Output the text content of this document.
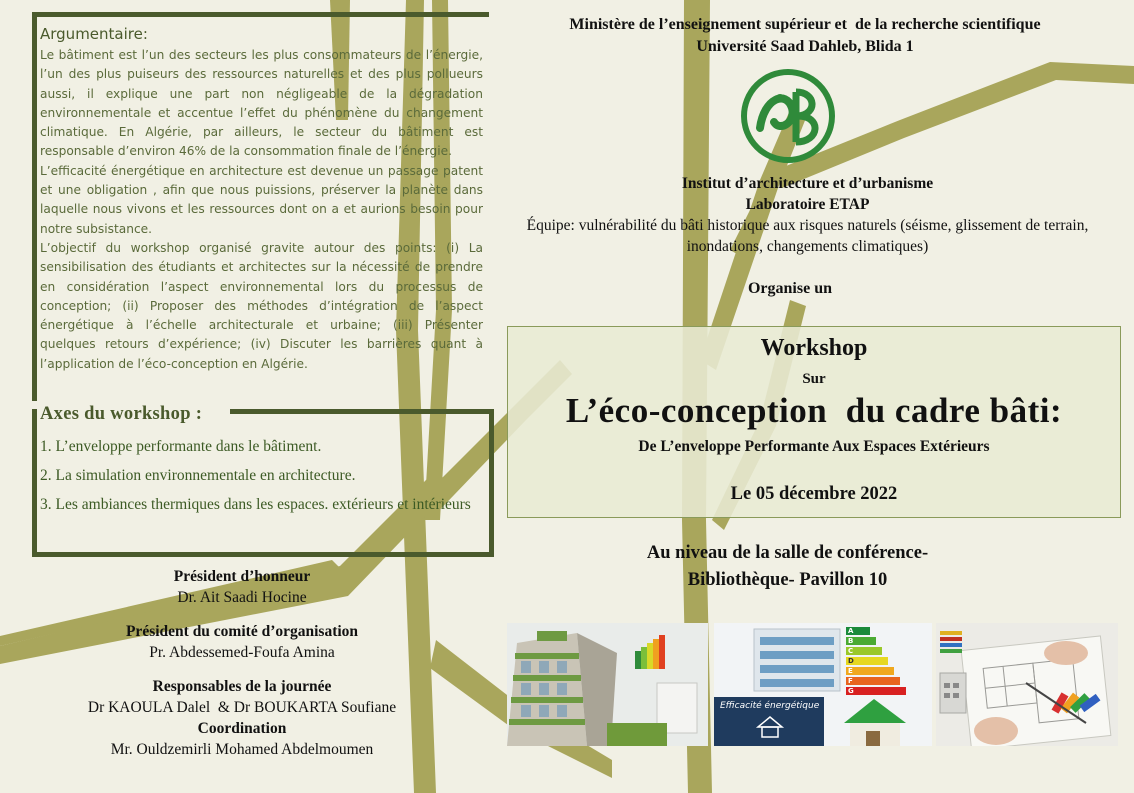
Argumentaire:

Le bâtiment est l’un des secteurs les plus consommateurs de l’énergie, l’un des plus puiseurs des ressources naturelles et des plus pollueurs aussi, il explique une part non négligeable de la dégradation environnementale et accentue l’effet du phénomène du changement climatique. En Algérie, par ailleurs, le secteur du bâtiment est responsable d’environ 46% de la consommation finale de l’énergie.

L’efficacité énergétique en architecture est devenue un passage patent et une obligation , afin que nous puissions, préserver la planète dans laquelle nous vivons et les ressources dont on a et aurions besoin pour notre subsistance.

L’objectif du workshop organisé gravite autour des points: (i) La sensibilisation des étudiants et architectes sur la nécessité de prendre en considération l’aspect environnemental lors du processus de conception; (ii) Proposer des méthodes d’intégration de l’aspect énergétique à l’échelle architecturale et urbaine; (iii) Présenter quelques retours d’expérience; (iv) Discuter les barrières quant à l’application de l’éco-conception en Algérie.

Axes du workshop :
1. L’enveloppe performante dans le bâtiment.
2. La simulation environnementale en architecture.
3. Les ambiances thermiques dans les espaces. extérieurs et intérieurs
Président d’honneur
Dr. Ait Saadi Hocine
Président du comité d’organisation
Pr. Abdessemed-Foufa Amina
Responsables de la journée
Dr KAOULA Dalel  & Dr BOUKARTA Soufiane
Coordination
Mr. Ouldzemirli Mohamed Abdelmoumen
Ministère de l’enseignement supérieur et  de la recherche scientifique
Université Saad Dahleb, Blida 1
Institut d’architecture et d’urbanisme
Laboratoire ETAP
Équipe: vulnérabilité du bâti historique aux risques naturels (séisme, glissement de terrain, inondations, changements climatiques)
Organise un
Workshop
Sur
L’éco-conception  du cadre bâti:
De L’enveloppe Performante Aux Espaces Extérieurs
Le 05 décembre 2022
Au niveau de la salle de conférence-
Bibliothèque- Pavillon 10
Efficacité énergétique
A
B
C
D
E
F
G
